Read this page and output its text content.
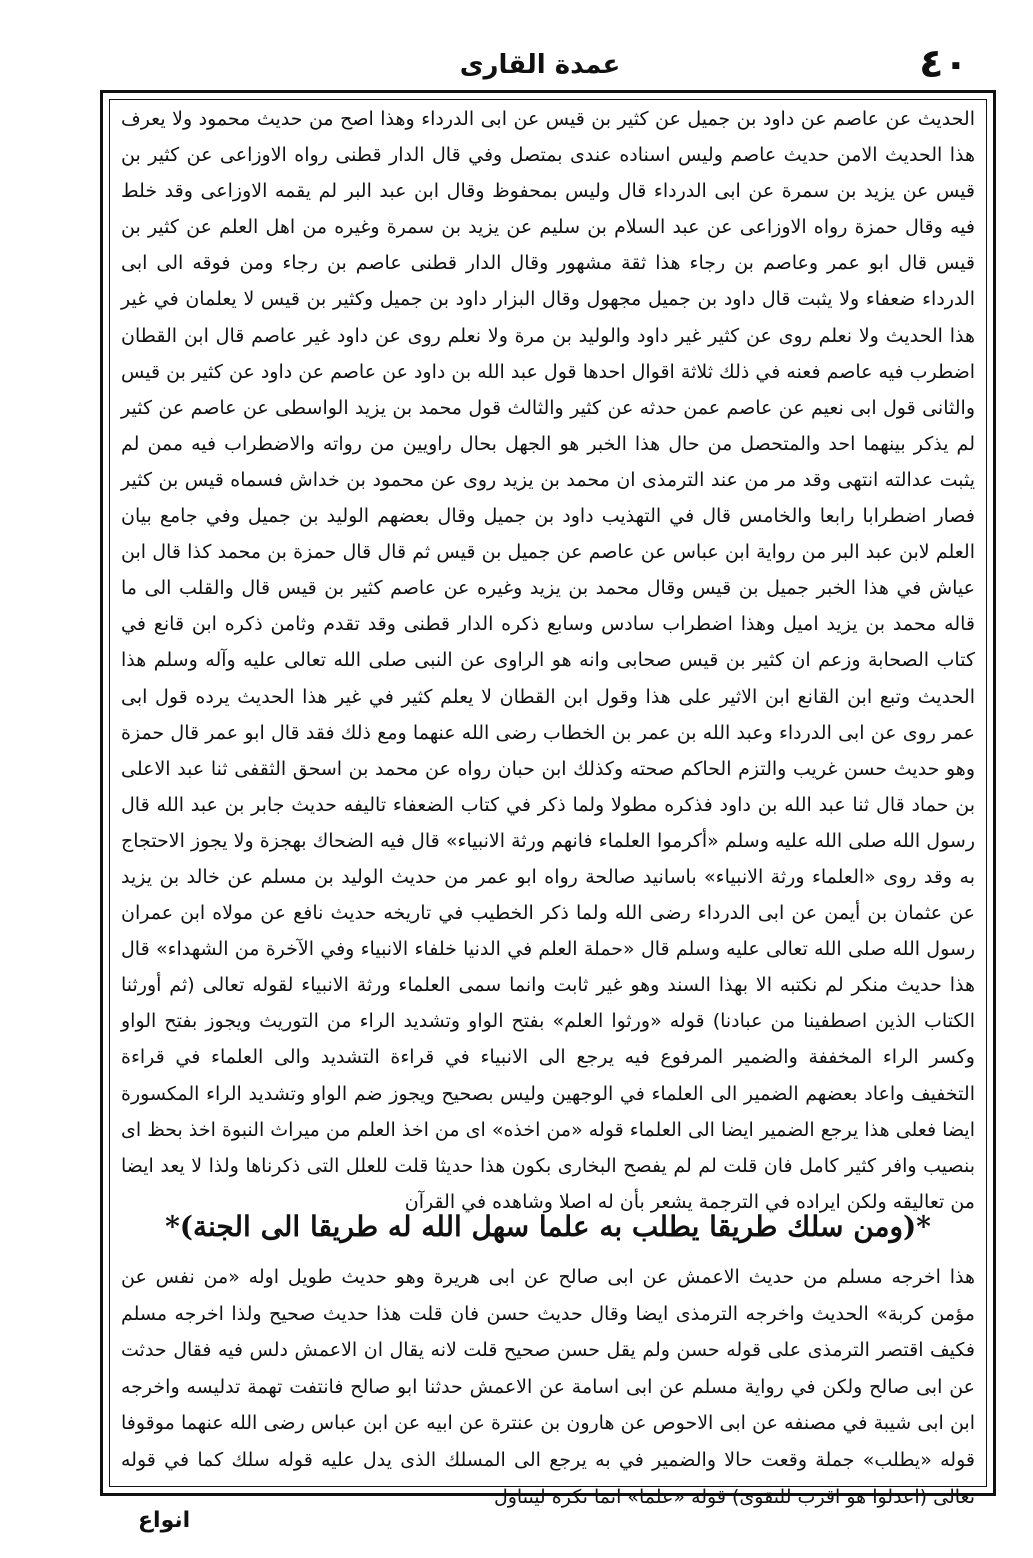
٤٠
عمدة القارى

الحديث عن عاصم عن داود بن جميل عن كثير بن قيس عن ابى الدرداء وهذا اصح من حديث محمود ولا يعرف هذا الحديث الامن حديث عاصم وليس اسناده عندى بمتصل وفي قال الدار قطنى رواه الاوزاعى عن كثير بن قيس عن يزيد بن سمرة عن ابى الدرداء قال وليس بمحفوظ وقال ابن عبد البر لم يقمه الاوزاعى وقد خلط فيه وقال حمزة رواه الاوزاعى عن عبد السلام بن سليم عن يزيد بن سمرة وغيره من اهل العلم عن كثير بن قيس قال ابو عمر وعاصم بن رجاء هذا ثقة مشهور وقال الدار قطنى عاصم بن رجاء ومن فوقه الى ابى الدرداء ضعفاء ولا يثبت قال داود بن جميل مجهول وقال البزار داود بن جميل وكثير بن قيس لا يعلمان في غير هذا الحديث ولا نعلم روى عن كثير غير داود والوليد بن مرة ولا نعلم روى عن داود غير عاصم قال ابن القطان اضطرب فيه عاصم فعنه في ذلك ثلاثة اقوال احدها قول عبد الله بن داود عن عاصم عن داود عن كثير بن قيس والثانى قول ابى نعيم عن عاصم عمن حدثه عن كثير والثالث قول محمد بن يزيد الواسطى عن عاصم عن كثير لم يذكر بينهما احد والمتحصل من حال هذا الخبر هو الجهل بحال راويين من رواته والاضطراب فيه ممن لم يثبت عدالته انتهى وقد مر من عند الترمذى ان محمد بن يزيد روى عن محمود بن خداش فسماه قيس بن كثير فصار اضطرابا رابعا والخامس قال في التهذيب داود بن جميل وقال بعضهم الوليد بن جميل وفي جامع بيان العلم لابن عبد البر من رواية ابن عباس عن عاصم عن جميل بن قيس ثم قال قال حمزة بن محمد كذا قال ابن عياش في هذا الخبر جميل بن قيس وقال محمد بن يزيد وغيره عن عاصم كثير بن قيس قال والقلب الى ما قاله محمد بن يزيد اميل وهذا اضطراب سادس وسابع ذكره الدار قطنى وقد تقدم وثامن ذكره ابن قانع في كتاب الصحابة وزعم ان كثير بن قيس صحابى وانه هو الراوى عن النبى صلى الله تعالى عليه وآله وسلم هذا الحديث وتبع ابن القانع ابن الاثير على هذا وقول ابن القطان لا يعلم كثير في غير هذا الحديث يرده قول ابى عمر روى عن ابى الدرداء وعبد الله بن عمر بن الخطاب رضى الله عنهما ومع ذلك فقد قال ابو عمر قال حمزة وهو حديث حسن غريب والتزم الحاكم صحته وكذلك ابن حبان رواه عن محمد بن اسحق الثقفى ثنا عبد الاعلى بن حماد قال ثنا عبد الله بن داود فذكره مطولا ولما ذكر في كتاب الضعفاء تاليفه حديث جابر بن عبد الله قال رسول الله صلى الله عليه وسلم «أكرموا العلماء فانهم ورثة الانبياء» قال فيه الضحاك بهجزة ولا يجوز الاحتجاج به وقد روى «العلماء ورثة الانبياء» باسانيد صالحة رواه ابو عمر من حديث الوليد بن مسلم عن خالد بن يزيد عن عثمان بن أيمن عن ابى الدرداء رضى الله ولما ذكر الخطيب في تاريخه حديث نافع عن مولاه ابن عمران رسول الله صلى الله تعالى عليه وسلم قال «حملة العلم في الدنيا خلفاء الانبياء وفي الآخرة من الشهداء» قال هذا حديث منكر لم نكتبه الا بهذا السند وهو غير ثابت وانما سمى العلماء ورثة الانبياء لقوله تعالى (ثم أورثنا الكتاب الذين اصطفينا من عبادنا) قوله «ورثوا العلم» بفتح الواو وتشديد الراء من التوريث ويجوز بفتح الواو وكسر الراء المخففة والضمير المرفوع فيه يرجع الى الانبياء في قراءة التشديد والى العلماء في قراءة التخفيف واعاد بعضهم الضمير الى العلماء في الوجهين وليس بصحيح ويجوز ضم الواو وتشديد الراء المكسورة ايضا فعلى هذا يرجع الضمير ايضا الى العلماء قوله «من اخذه» اى من اخذ العلم من ميراث النبوة اخذ بحظ اى بنصيب وافر كثير كامل فان قلت لم لم يفصح البخارى بكون هذا حديثا قلت للعلل التى ذكرناها ولذا لا يعد ايضا من تعاليقه ولكن ايراده في الترجمة يشعر بأن له اصلا وشاهده في القرآن

*(ومن سلك طريقا يطلب به علما سهل الله له طريقا الى الجنة)*

هذا اخرجه مسلم من حديث الاعمش عن ابى صالح عن ابى هريرة وهو حديث طويل اوله «من نفس عن مؤمن كربة» الحديث واخرجه الترمذى ايضا وقال حديث حسن فان قلت هذا حديث صحيح ولذا اخرجه مسلم فكيف اقتصر الترمذى على قوله حسن ولم يقل حسن صحيح قلت لانه يقال ان الاعمش دلس فيه فقال حدثت عن ابى صالح ولكن في رواية مسلم عن ابى اسامة عن الاعمش حدثنا ابو صالح فانتفت تهمة تدليسه واخرجه ابن ابى شيبة في مصنفه عن ابى الاحوص عن هارون بن عنترة عن ابيه عن ابن عباس رضى الله عنهما موقوفا قوله «يطلب» جملة وقعت حالا والضمير في به يرجع الى المسلك الذى يدل عليه قوله سلك كما في قوله تعالى (اعدلوا هو اقرب للتقوى) قوله «علما» انما نكره ليتناول

انواع
